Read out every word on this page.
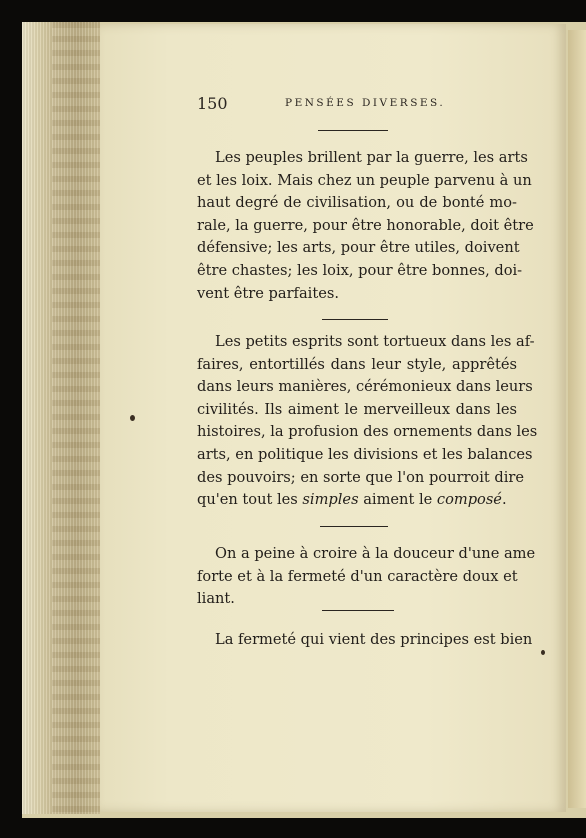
150	PENSÉES DIVERSES.

Les peuples brillent par la guerre, les arts
et les loix. Mais chez un peuple parvenu à un
haut degré de civilisation, ou de bonté mo-
rale, la guerre, pour être honorable, doit être
défensive; les arts, pour être utiles, doivent
être chastes; les loix, pour être bonnes, doi-
vent être parfaites.

Les petits esprits sont tortueux dans les af-
faires, entortillés dans leur style, apprêtés
dans leurs manières, cérémonieux dans leurs
civilités. Ils aiment le merveilleux dans les
histoires, la profusion des ornements dans les
arts, en politique les divisions et les balances
des pouvoirs; en sorte que l'on pourroit dire
qu'en tout les simples aiment le composé.

On a peine à croire à la douceur d'une ame
forte et à la fermeté d'un caractère doux et
liant.

La fermeté qui vient des principes est bien
